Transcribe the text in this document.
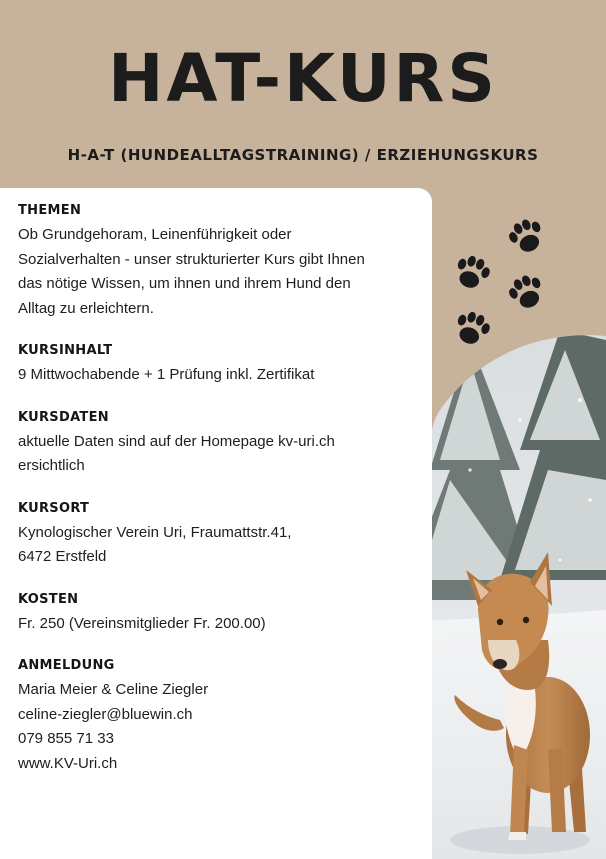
HAT-KURS
H-A-T (HUNDEALLTAGSTRAINING) / ERZIEHUNGSKURS
THEMEN
Ob Grundgehoram, Leinenführigkeit oder
Sozialverhalten - unser strukturierter Kurs gibt Ihnen
das nötige Wissen, um ihnen und ihrem Hund den
Alltag zu erleichtern.
KURSINHALT
9 Mittwochabende + 1 Prüfung inkl. Zertifikat
KURSDATEN
aktuelle Daten sind auf der Homepage kv-uri.ch
ersichtlich
KURSORT
Kynologischer Verein Uri, Fraumattstr.41,
6472 Erstfeld
KOSTEN
Fr. 250 (Vereinsmitglieder Fr. 200.00)
ANMELDUNG
Maria Meier & Celine Ziegler
celine-ziegler@bluewin.ch
079 855 71 33
www.KV-Uri.ch
